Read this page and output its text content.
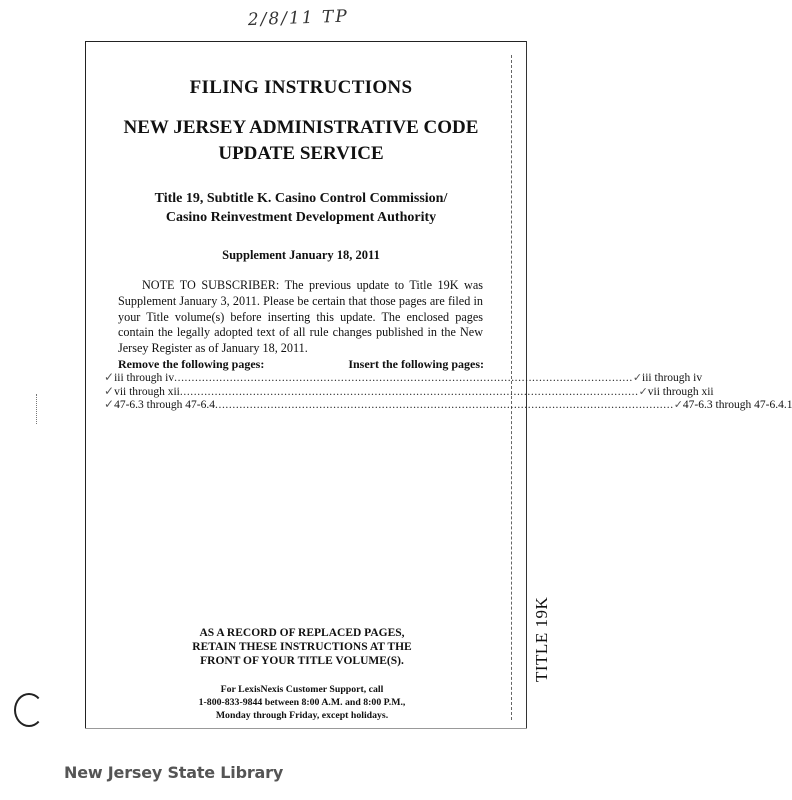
2/8/11 TP
FILING INSTRUCTIONS
NEW JERSEY ADMINISTRATIVE CODE
UPDATE SERVICE
Title 19, Subtitle K. Casino Control Commission/
Casino Reinvestment Development Authority
Supplement January 18, 2011
NOTE TO SUBSCRIBER: The previous update to Title 19K was Supplement January 3, 2011. Please be certain that those pages are filed in your Title volume(s) before inserting this update. The enclosed pages contain the legally adopted text of all rule changes published in the New Jersey Register as of January 18, 2011.
Remove the following pages:	Insert the following pages:
✓ iii through iv .................................................................................................................................... ✓ iii through iv
✓ vii through xii .................................................................................................................................... ✓ vii through xii
✓ 47-6.3 through 47-6.4 .................................................................................................................................... ✓ 47-6.3 through 47-6.4.1
AS A RECORD OF REPLACED PAGES,
RETAIN THESE INSTRUCTIONS AT THE
FRONT OF YOUR TITLE VOLUME(S).
For LexisNexis Customer Support, call
1-800-833-9844 between 8:00 A.M. and 8:00 P.M.,
Monday through Friday, except holidays.
TITLE 19K
New Jersey State Library
